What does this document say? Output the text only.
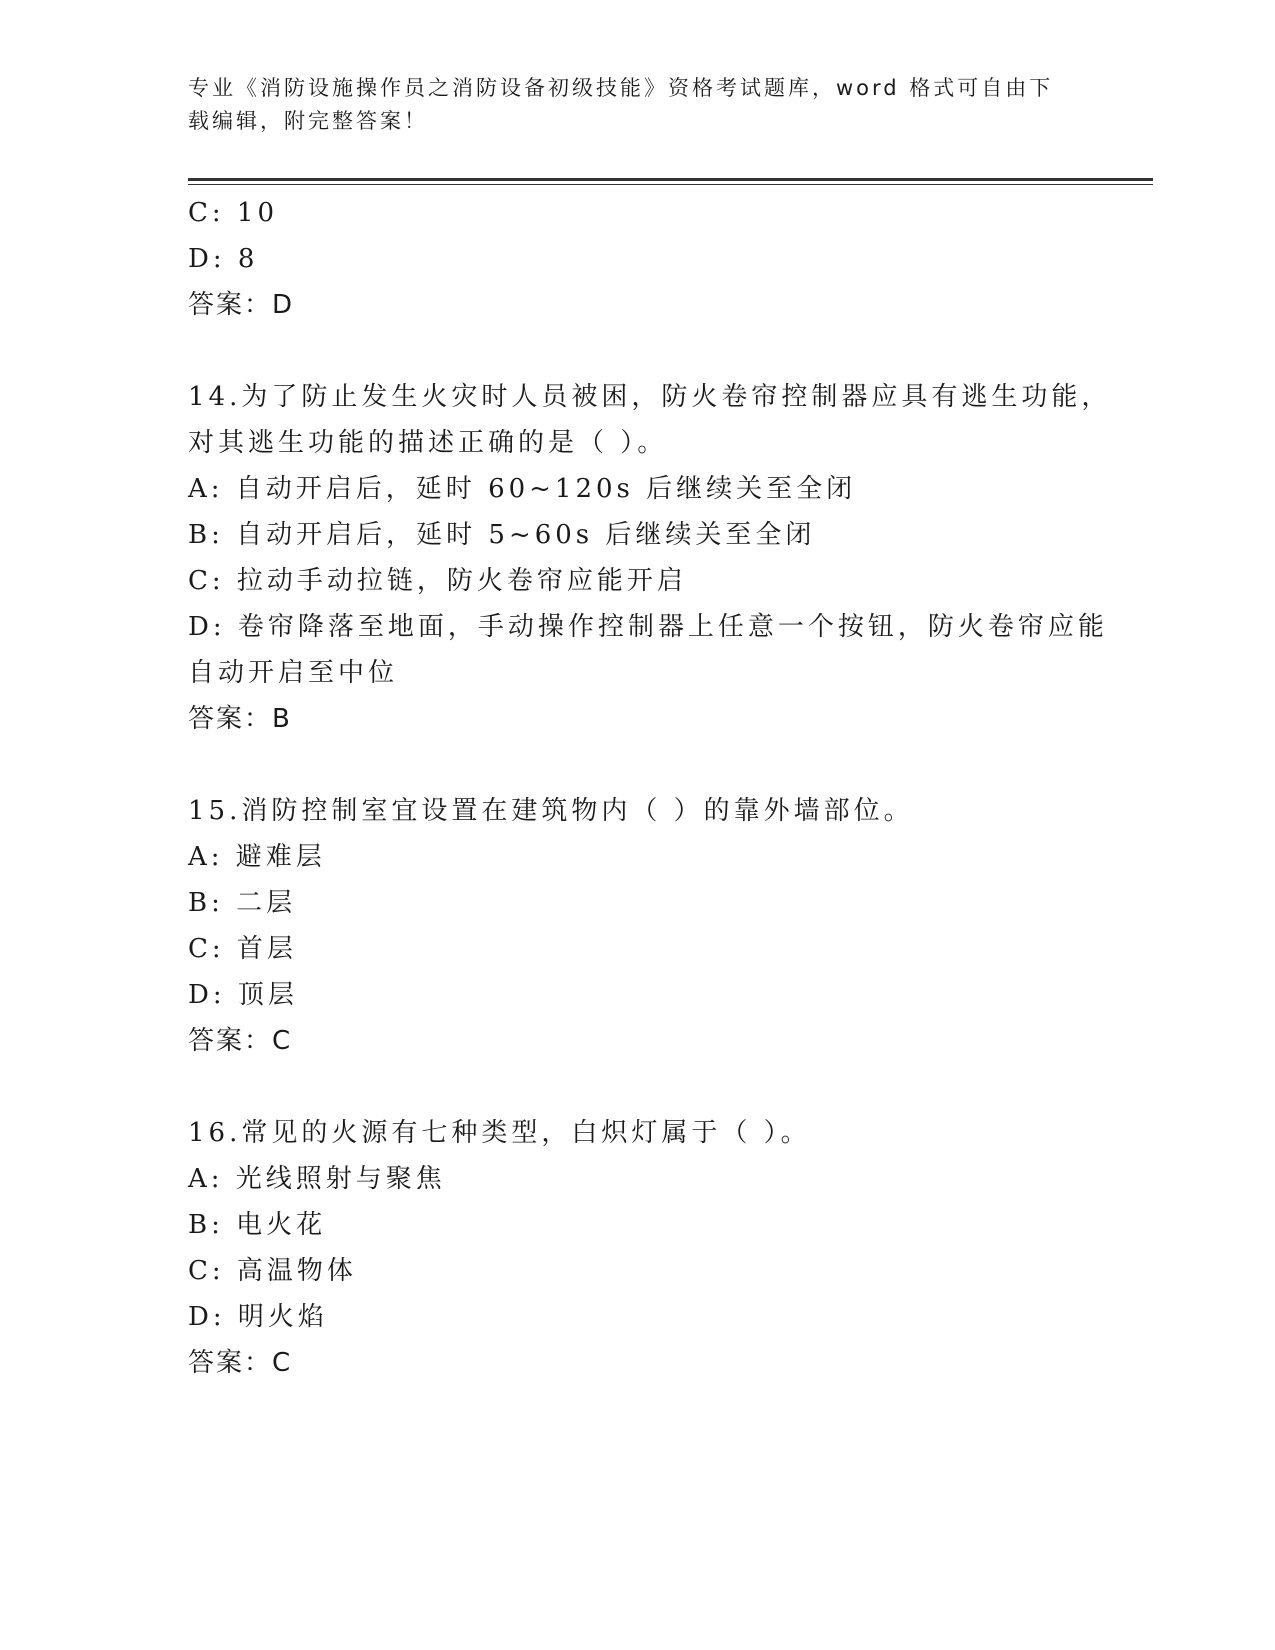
专业《消防设施操作员之消防设备初级技能》资格考试题库，word 格式可自由下
载编辑，附完整答案！
C: 10
D: 8
答案：D
14.为了防止发生火灾时人员被困，防火卷帘控制器应具有逃生功能，
对其逃生功能的描述正确的是（ ）。
A: 自动开启后，延时 60~120s 后继续关至全闭
B: 自动开启后，延时 5~60s 后继续关至全闭
C: 拉动手动拉链，防火卷帘应能开启
D: 卷帘降落至地面，手动操作控制器上任意一个按钮，防火卷帘应能
自动开启至中位
答案：B
15.消防控制室宜设置在建筑物内（ ）的靠外墙部位。
A: 避难层
B: 二层
C: 首层
D: 顶层
答案：C
16.常见的火源有七种类型，白炽灯属于（ ）。
A: 光线照射与聚焦
B: 电火花
C: 高温物体
D: 明火焰
答案：C
